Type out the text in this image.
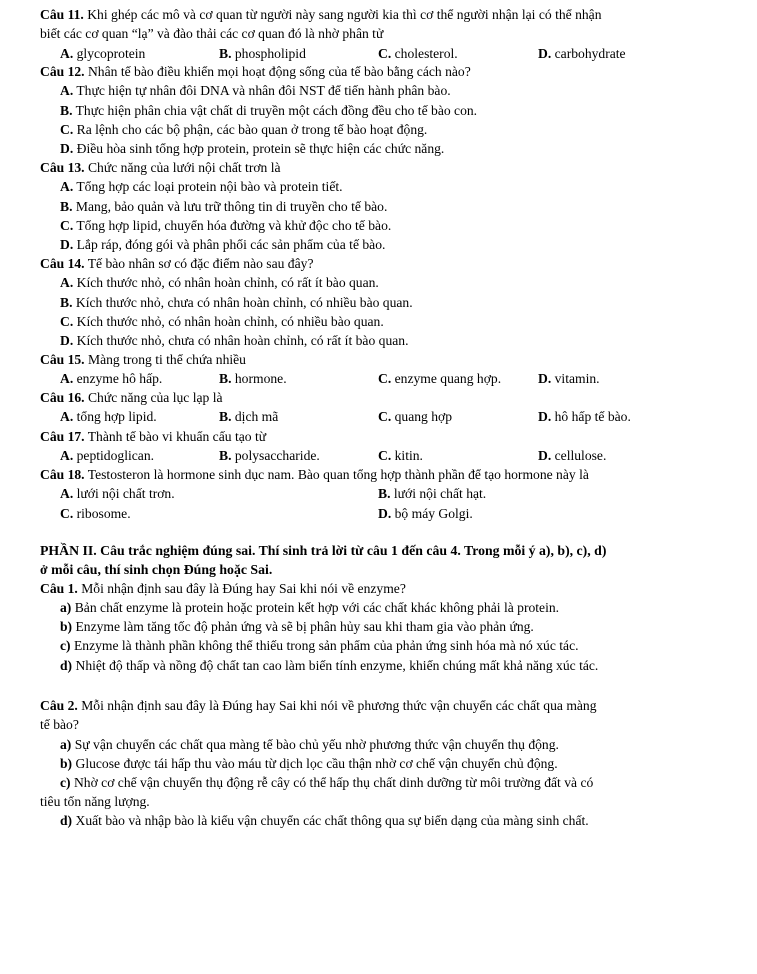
Câu 11. Khi ghép các mô và cơ quan từ người này sang người kia thì cơ thể người nhận lại có thể nhận
biết các cơ quan “lạ” và đào thải các cơ quan đó là nhờ phân tử
A. glycoprotein	B. phospholipid	C. cholesterol.	D. carbohydrate
Câu 12. Nhân tế bào điều khiển mọi hoạt động sống của tế bào bằng cách nào?
A. Thực hiện tự nhân đôi DNA và nhân đôi NST để tiến hành phân bào.
B. Thực hiện phân chia vật chất di truyền một cách đồng đều cho tế bào con.
C. Ra lệnh cho các bộ phận, các bào quan ở trong tế bào hoạt động.
D. Điều hòa sinh tổng hợp protein, protein sẽ thực hiện các chức năng.
Câu 13. Chức năng của lưới nội chất trơn là
A. Tổng hợp các loại protein nội bào và protein tiết.
B. Mang, bảo quản và lưu trữ thông tin di truyền cho tế bào.
C. Tổng hợp lipid, chuyển hóa đường và khử độc cho tế bào.
D. Lắp ráp, đóng gói và phân phối các sản phẩm của tế bào.
Câu 14. Tế bào nhân sơ có đặc điểm nào sau đây?
A. Kích thước nhỏ, có nhân hoàn chỉnh, có rất ít bào quan.
B. Kích thước nhỏ, chưa có nhân hoàn chỉnh, có nhiều bào quan.
C. Kích thước nhỏ, có nhân hoàn chỉnh, có nhiều bào quan.
D. Kích thước nhỏ, chưa có nhân hoàn chỉnh, có rất ít bào quan.
Câu 15. Màng trong ti thể chứa nhiều
A. enzyme hô hấp.	B. hormone.	C. enzyme quang hợp.	D. vitamin.
Câu 16. Chức năng của lục lạp là
A. tổng hợp lipid.	B. dịch mã	C. quang hợp	D. hô hấp tế bào.
Câu 17. Thành tế bào vi khuẩn cấu tạo từ
A. peptidoglican.	B. polysaccharide.	C. kitin.	D. cellulose.
Câu 18. Testosteron là hormone sinh dục nam. Bào quan tổng hợp thành phần để tạo hormone này là
A. lưới nội chất trơn.	B. lưới nội chất hạt.
C. ribosome.	D. bộ máy Golgi.
PHẦN II. Câu trắc nghiệm đúng sai. Thí sinh trả lời từ câu 1 đến câu 4. Trong mỗi ý a), b), c), d)
ở mỗi câu, thí sinh chọn Đúng hoặc Sai.
Câu 1. Mỗi nhận định sau đây là Đúng hay Sai khi nói về enzyme?
a) Bản chất enzyme là protein hoặc protein kết hợp với các chất khác không phải là protein.
b) Enzyme làm tăng tốc độ phản ứng và sẽ bị phân hủy sau khi tham gia vào phản ứng.
c) Enzyme là thành phần không thể thiếu trong sản phẩm của phản ứng sinh hóa mà nó xúc tác.
d) Nhiệt độ thấp và nồng độ chất tan cao làm biến tính enzyme, khiến chúng mất khả năng xúc tác.
Câu 2. Mỗi nhận định sau đây là Đúng hay Sai khi nói về phương thức vận chuyển các chất qua màng
tế bào?
a) Sự vận chuyển các chất qua màng tế bào chủ yếu nhờ phương thức vận chuyển thụ động.
b) Glucose được tái hấp thu vào máu từ dịch lọc cầu thận nhờ cơ chế vận chuyển chủ động.
c) Nhờ cơ chế vận chuyển thụ động rễ cây có thể hấp thụ chất dinh dưỡng từ môi trường đất và có
tiêu tốn năng lượng.
d) Xuất bào và nhập bào là kiểu vận chuyển các chất thông qua sự biến dạng của màng sinh chất.
